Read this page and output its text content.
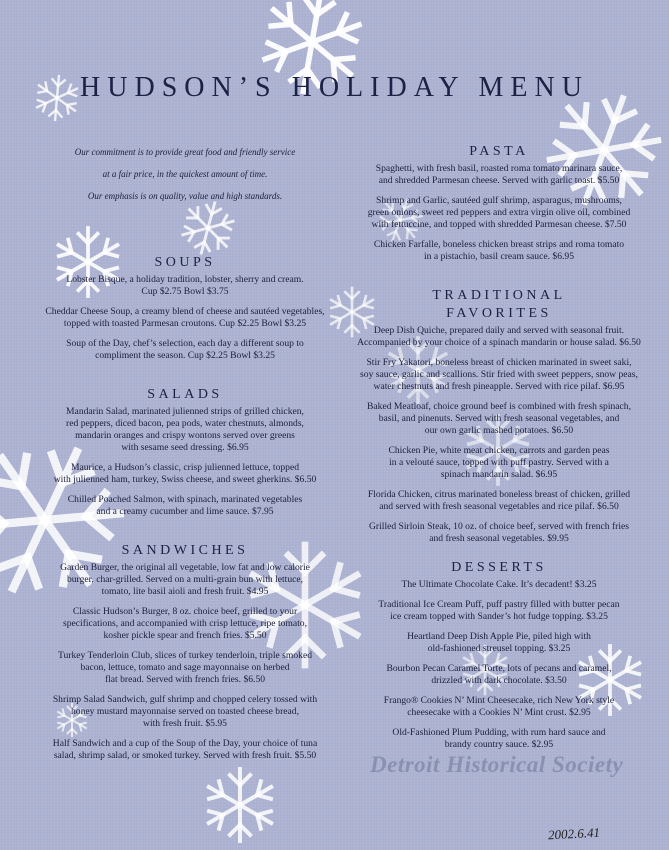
HUDSON’S HOLIDAY MENU
Our commitment is to provide great food and friendly service
at a fair price, in the quickest amount of time.
Our emphasis is on quality, value and high standards.
SOUPS
Lobster Bisque, a holiday tradition, lobster, sherry and cream.
Cup $2.75 Bowl $3.75
Cheddar Cheese Soup, a creamy blend of cheese and sautéed vegetables,
topped with toasted Parmesan croutons. Cup $2.25 Bowl $3.25
Soup of the Day, chef’s selection, each day a different soup to
compliment the season. Cup $2.25 Bowl $3.25
SALADS
Mandarin Salad, marinated julienned strips of grilled chicken,
red peppers, diced bacon, pea pods, water chestnuts, almonds,
mandarin oranges and crispy wontons served over greens
with sesame seed dressing. $6.95
Maurice, a Hudson’s classic, crisp julienned lettuce, topped
with julienned ham, turkey, Swiss cheese, and sweet gherkins. $6.50
Chilled Poached Salmon, with spinach, marinated vegetables
and a creamy cucumber and lime sauce. $7.95
SANDWICHES
Garden Burger, the original all vegetable, low fat and low calorie
burger, char-grilled. Served on a multi-grain bun with lettuce,
tomato, lite basil aioli and fresh fruit. $4.95
Classic Hudson’s Burger, 8 oz. choice beef, grilled to your
specifications, and accompanied with crisp lettuce, ripe tomato,
kosher pickle spear and french fries. $5.50
Turkey Tenderloin Club, slices of turkey tenderloin, triple smoked
bacon, lettuce, tomato and sage mayonnaise on herbed
flat bread. Served with french fries. $6.50
Shrimp Salad Sandwich, gulf shrimp and chopped celery tossed with
honey mustard mayonnaise served on toasted cheese bread,
with fresh fruit. $5.95
Half Sandwich and a cup of the Soup of the Day, your choice of tuna
salad, shrimp salad, or smoked turkey. Served with fresh fruit. $5.50
PASTA
Spaghetti, with fresh basil, roasted roma tomato marinara sauce,
and shredded Parmesan cheese. Served with garlic toast. $5.50
Shrimp and Garlic, sautéed gulf shrimp, asparagus, mushrooms,
green onions, sweet red peppers and extra virgin olive oil, combined
with fettuccine, and topped with shredded Parmesan cheese. $7.50
Chicken Farfalle, boneless chicken breast strips and roma tomato
in a pistachio, basil cream sauce. $6.95
TRADITIONAL
FAVORITES
Deep Dish Quiche, prepared daily and served with seasonal fruit.
Accompanied by your choice of a spinach mandarin or house salad. $6.50
Stir Fry Yakatori, boneless breast of chicken marinated in sweet saki,
soy sauce, garlic and scallions. Stir fried with sweet peppers, snow peas,
water chestnuts and fresh pineapple. Served with rice pilaf. $6.95
Baked Meatloaf, choice ground beef is combined with fresh spinach,
basil, and pinenuts. Served with fresh seasonal vegetables, and
our own garlic mashed potatoes. $6.50
Chicken Pie, white meat chicken, carrots and garden peas
in a velouté sauce, topped with puff pastry. Served with a
spinach mandarin salad. $6.95
Florida Chicken, citrus marinated boneless breast of chicken, grilled
and served with fresh seasonal vegetables and rice pilaf. $6.50
Grilled Sirloin Steak, 10 oz. of choice beef, served with french fries
and fresh seasonal vegetables. $9.95
DESSERTS
The Ultimate Chocolate Cake. It’s decadent! $3.25
Traditional Ice Cream Puff, puff pastry filled with butter pecan
ice cream topped with Sander’s hot fudge topping. $3.25
Heartland Deep Dish Apple Pie, piled high with
old-fashioned streusel topping. $3.25
Bourbon Pecan Caramel Torte, lots of pecans and caramel,
drizzled with dark chocolate. $3.50
Frango® Cookies N’ Mint Cheesecake, rich New York style
cheesecake with a Cookies N’ Mint crust. $2.95
Old-Fashioned Plum Pudding, with rum hard sauce and
brandy country sauce. $2.95
Detroit Historical Society
2002.6.41
